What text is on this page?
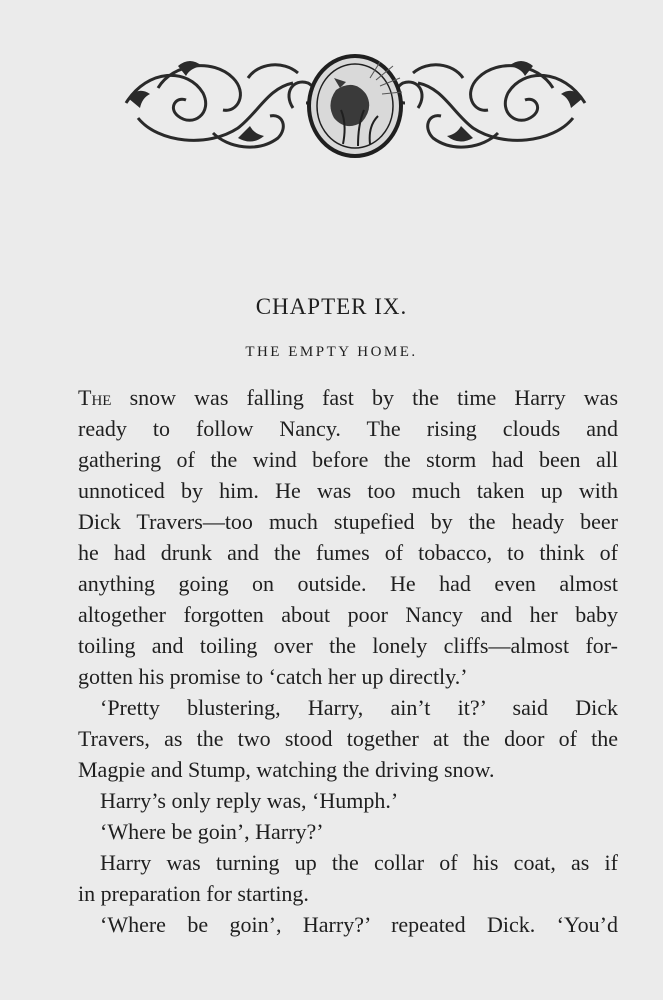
CHAPTER IX.
THE EMPTY HOME.
The snow was falling fast by the time Harry was
ready to follow Nancy. The rising clouds and
gathering of the wind before the storm had been all
unnoticed by him. He was too much taken up with
Dick Travers—too much stupefied by the heady beer
he had drunk and the fumes of tobacco, to think of
anything going on outside. He had even almost
altogether forgotten about poor Nancy and her baby
toiling and toiling over the lonely cliffs—almost for-
gotten his promise to ‘catch her up directly.’
‘Pretty blustering, Harry, ain’t it?’ said Dick
Travers, as the two stood together at the door of the
Magpie and Stump, watching the driving snow.
Harry’s only reply was, ‘Humph.’
‘Where be goin’, Harry?’
Harry was turning up the collar of his coat, as if
in preparation for starting.
‘Where be goin’, Harry?’ repeated Dick. ‘You’d
